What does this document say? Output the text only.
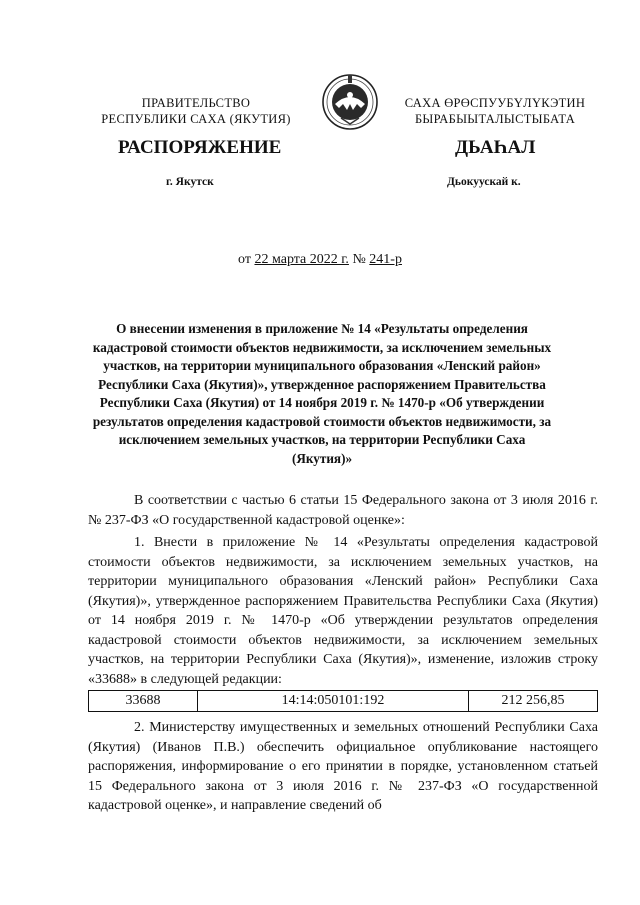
ПРАВИТЕЛЬСТВО
РЕСПУБЛИКИ САХА (ЯКУТИЯ)
САХА ӨРӨСПУУБҮЛҮКЭТИН
БЫРАБЫЫТАЛЫСТЫБАТА
РАСПОРЯЖЕНИЕ	ДЬАҺАЛ
г. Якутск	Дьокуускай к.
от 22 марта 2022 г. № 241-р
О внесении изменения в приложение № 14 «Результаты определения кадастровой стоимости объектов недвижимости, за исключением земельных участков, на территории муниципального образования «Ленский район» Республики Саха (Якутия)», утвержденное распоряжением Правительства Республики Саха (Якутия) от 14 ноября 2019 г. № 1470-р «Об утверждении результатов определения кадастровой стоимости объектов недвижимости, за исключением земельных участков, на территории Республики Саха (Якутия)»

В соответствии с частью 6 статьи 15 Федерального закона от 3 июля 2016 г. № 237-ФЗ «О государственной кадастровой оценке»:

1. Внести в приложение № 14 «Результаты определения кадастровой стоимости объектов недвижимости, за исключением земельных участков, на территории муниципального образования «Ленский район» Республики Саха (Якутия)», утвержденное распоряжением Правительства Республики Саха (Якутия) от 14 ноября 2019 г. № 1470-р «Об утверждении результатов определения кадастровой стоимости объектов недвижимости, за исключением земельных участков, на территории Республики Саха (Якутия)», изменение, изложив строку «33688» в следующей редакции:

33688	14:14:050101:192	212 256,85

2. Министерству имущественных и земельных отношений Республики Саха (Якутия) (Иванов П.В.) обеспечить официальное опубликование настоящего распоряжения, информирование о его принятии в порядке, установленном статьей 15 Федерального закона от 3 июля 2016 г. № 237-ФЗ «О государственной кадастровой оценке», и направление сведений об
